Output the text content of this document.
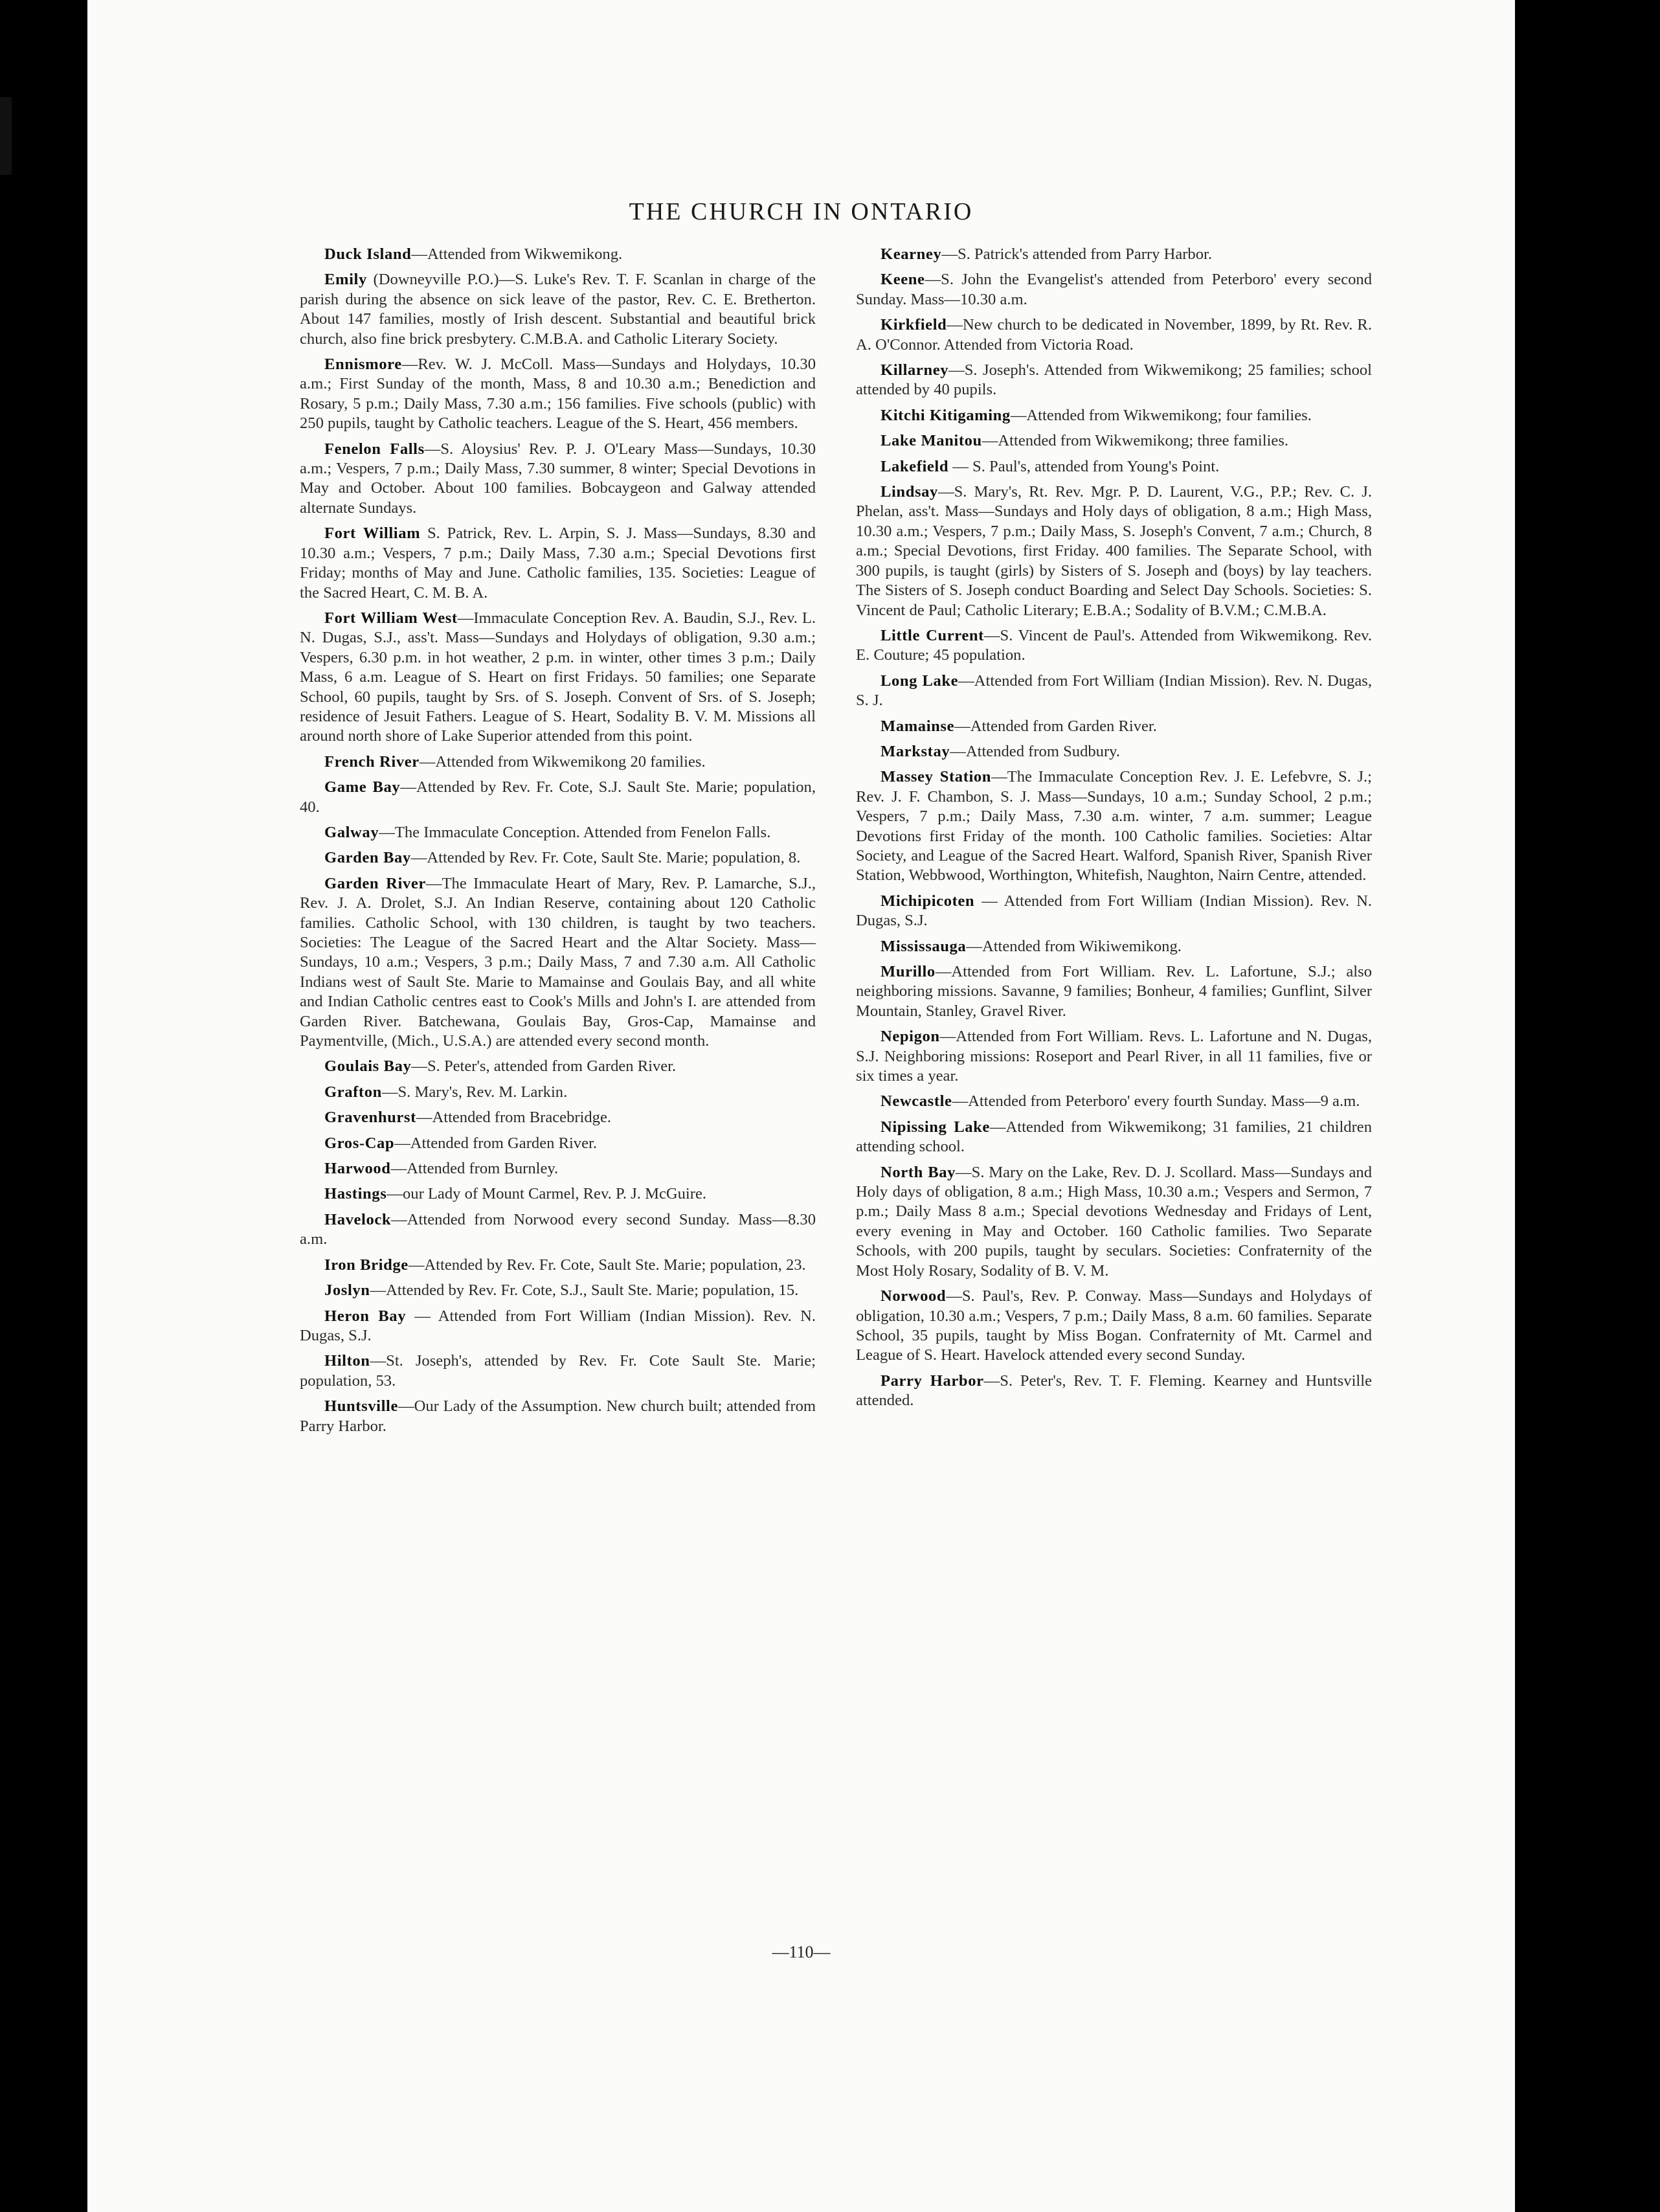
THE CHURCH IN ONTARIO

Duck Island—Attended from Wikwemikong.

Emily (Downeyville P.O.)—S. Luke's Rev. T. F. Scanlan in charge of the parish during the absence on sick leave of the pastor, Rev. C. E. Bretherton. About 147 families, mostly of Irish descent. Substantial and beautiful brick church, also fine brick presbytery. C.M.B.A. and Catholic Literary Society.

Ennismore—Rev. W. J. McColl. Mass—Sundays and Holydays, 10.30 a.m.; First Sunday of the month, Mass, 8 and 10.30 a.m.; Benediction and Rosary, 5 p.m.; Daily Mass, 7.30 a.m.; 156 families. Five schools (public) with 250 pupils, taught by Catholic teachers. League of the S. Heart, 456 members.

Fenelon Falls—S. Aloysius' Rev. P. J. O'Leary Mass—Sundays, 10.30 a.m.; Vespers, 7 p.m.; Daily Mass, 7.30 summer, 8 winter; Special Devotions in May and October. About 100 families. Bobcaygeon and Galway attended alternate Sundays.

Fort William S. Patrick, Rev. L. Arpin, S. J. Mass—Sundays, 8.30 and 10.30 a.m.; Vespers, 7 p.m.; Daily Mass, 7.30 a.m.; Special Devotions first Friday; months of May and June. Catholic families, 135. Societies: League of the Sacred Heart, C. M. B. A.

Fort William West—Immaculate Conception Rev. A. Baudin, S.J., Rev. L. N. Dugas, S.J., ass't. Mass—Sundays and Holydays of obligation, 9.30 a.m.; Vespers, 6.30 p.m. in hot weather, 2 p.m. in winter, other times 3 p.m.; Daily Mass, 6 a.m. League of S. Heart on first Fridays. 50 families; one Separate School, 60 pupils, taught by Srs. of S. Joseph. Convent of Srs. of S. Joseph; residence of Jesuit Fathers. League of S. Heart, Sodality B. V. M. Missions all around north shore of Lake Superior attended from this point.

French River—Attended from Wikwemikong 20 families.

Game Bay—Attended by Rev. Fr. Cote, S.J. Sault Ste. Marie; population, 40.

Galway—The Immaculate Conception. Attended from Fenelon Falls.

Garden Bay—Attended by Rev. Fr. Cote, Sault Ste. Marie; population, 8.

Garden River—The Immaculate Heart of Mary, Rev. P. Lamarche, S.J., Rev. J. A. Drolet, S.J. An Indian Reserve, containing about 120 Catholic families. Catholic School, with 130 children, is taught by two teachers. Societies: The League of the Sacred Heart and the Altar Society. Mass—Sundays, 10 a.m.; Vespers, 3 p.m.; Daily Mass, 7 and 7.30 a.m. All Catholic Indians west of Sault Ste. Marie to Mamainse and Goulais Bay, and all white and Indian Catholic centres east to Cook's Mills and John's I. are attended from Garden River. Batchewana, Goulais Bay, Gros-Cap, Mamainse and Paymentville, (Mich., U.S.A.) are attended every second month.

Goulais Bay—S. Peter's, attended from Garden River.

Grafton—S. Mary's, Rev. M. Larkin.

Gravenhurst—Attended from Bracebridge.

Gros-Cap—Attended from Garden River.

Harwood—Attended from Burnley.

Hastings—our Lady of Mount Carmel, Rev. P. J. McGuire.

Havelock—Attended from Norwood every second Sunday. Mass—8.30 a.m.

Iron Bridge—Attended by Rev. Fr. Cote, Sault Ste. Marie; population, 23.

Joslyn—Attended by Rev. Fr. Cote, S.J., Sault Ste. Marie; population, 15.

Heron Bay — Attended from Fort William (Indian Mission). Rev. N. Dugas, S.J.

Hilton—St. Joseph's, attended by Rev. Fr. Cote Sault Ste. Marie; population, 53.

Huntsville—Our Lady of the Assumption. New church built; attended from Parry Harbor.

Kearney—S. Patrick's attended from Parry Harbor.

Keene—S. John the Evangelist's attended from Peterboro' every second Sunday. Mass—10.30 a.m.

Kirkfield—New church to be dedicated in November, 1899, by Rt. Rev. R. A. O'Connor. Attended from Victoria Road.

Killarney—S. Joseph's. Attended from Wikwemikong; 25 families; school attended by 40 pupils.

Kitchi Kitigaming—Attended from Wikwemikong; four families.

Lake Manitou—Attended from Wikwemikong; three families.

Lakefield — S. Paul's, attended from Young's Point.

Lindsay—S. Mary's, Rt. Rev. Mgr. P. D. Laurent, V.G., P.P.; Rev. C. J. Phelan, ass't. Mass—Sundays and Holy days of obligation, 8 a.m.; High Mass, 10.30 a.m.; Vespers, 7 p.m.; Daily Mass, S. Joseph's Convent, 7 a.m.; Church, 8 a.m.; Special Devotions, first Friday. 400 families. The Separate School, with 300 pupils, is taught (girls) by Sisters of S. Joseph and (boys) by lay teachers. The Sisters of S. Joseph conduct Boarding and Select Day Schools. Societies: S. Vincent de Paul; Catholic Literary; E.B.A.; Sodality of B.V.M.; C.M.B.A.

Little Current—S. Vincent de Paul's. Attended from Wikwemikong. Rev. E. Couture; 45 population.

Long Lake—Attended from Fort William (Indian Mission). Rev. N. Dugas, S. J.

Mamainse—Attended from Garden River.

Markstay—Attended from Sudbury.

Massey Station—The Immaculate Conception Rev. J. E. Lefebvre, S. J.; Rev. J. F. Chambon, S. J. Mass—Sundays, 10 a.m.; Sunday School, 2 p.m.; Vespers, 7 p.m.; Daily Mass, 7.30 a.m. winter, 7 a.m. summer; League Devotions first Friday of the month. 100 Catholic families. Societies: Altar Society, and League of the Sacred Heart. Walford, Spanish River, Spanish River Station, Webbwood, Worthington, Whitefish, Naughton, Nairn Centre, attended.

Michipicoten — Attended from Fort William (Indian Mission). Rev. N. Dugas, S.J.

Mississauga—Attended from Wikiwemikong.

Murillo—Attended from Fort William. Rev. L. Lafortune, S.J.; also neighboring missions. Savanne, 9 families; Bonheur, 4 families; Gunflint, Silver Mountain, Stanley, Gravel River.

Nepigon—Attended from Fort William. Revs. L. Lafortune and N. Dugas, S.J. Neighboring missions: Roseport and Pearl River, in all 11 families, five or six times a year.

Newcastle—Attended from Peterboro' every fourth Sunday. Mass—9 a.m.

Nipissing Lake—Attended from Wikwemikong; 31 families, 21 children attending school.

North Bay—S. Mary on the Lake, Rev. D. J. Scollard. Mass—Sundays and Holy days of obligation, 8 a.m.; High Mass, 10.30 a.m.; Vespers and Sermon, 7 p.m.; Daily Mass 8 a.m.; Special devotions Wednesday and Fridays of Lent, every evening in May and October. 160 Catholic families. Two Separate Schools, with 200 pupils, taught by seculars. Societies: Confraternity of the Most Holy Rosary, Sodality of B. V. M.

Norwood—S. Paul's, Rev. P. Conway. Mass—Sundays and Holydays of obligation, 10.30 a.m.; Vespers, 7 p.m.; Daily Mass, 8 a.m. 60 families. Separate School, 35 pupils, taught by Miss Bogan. Confraternity of Mt. Carmel and League of S. Heart. Havelock attended every second Sunday.

Parry Harbor—S. Peter's, Rev. T. F. Fleming. Kearney and Huntsville attended.

—110—
